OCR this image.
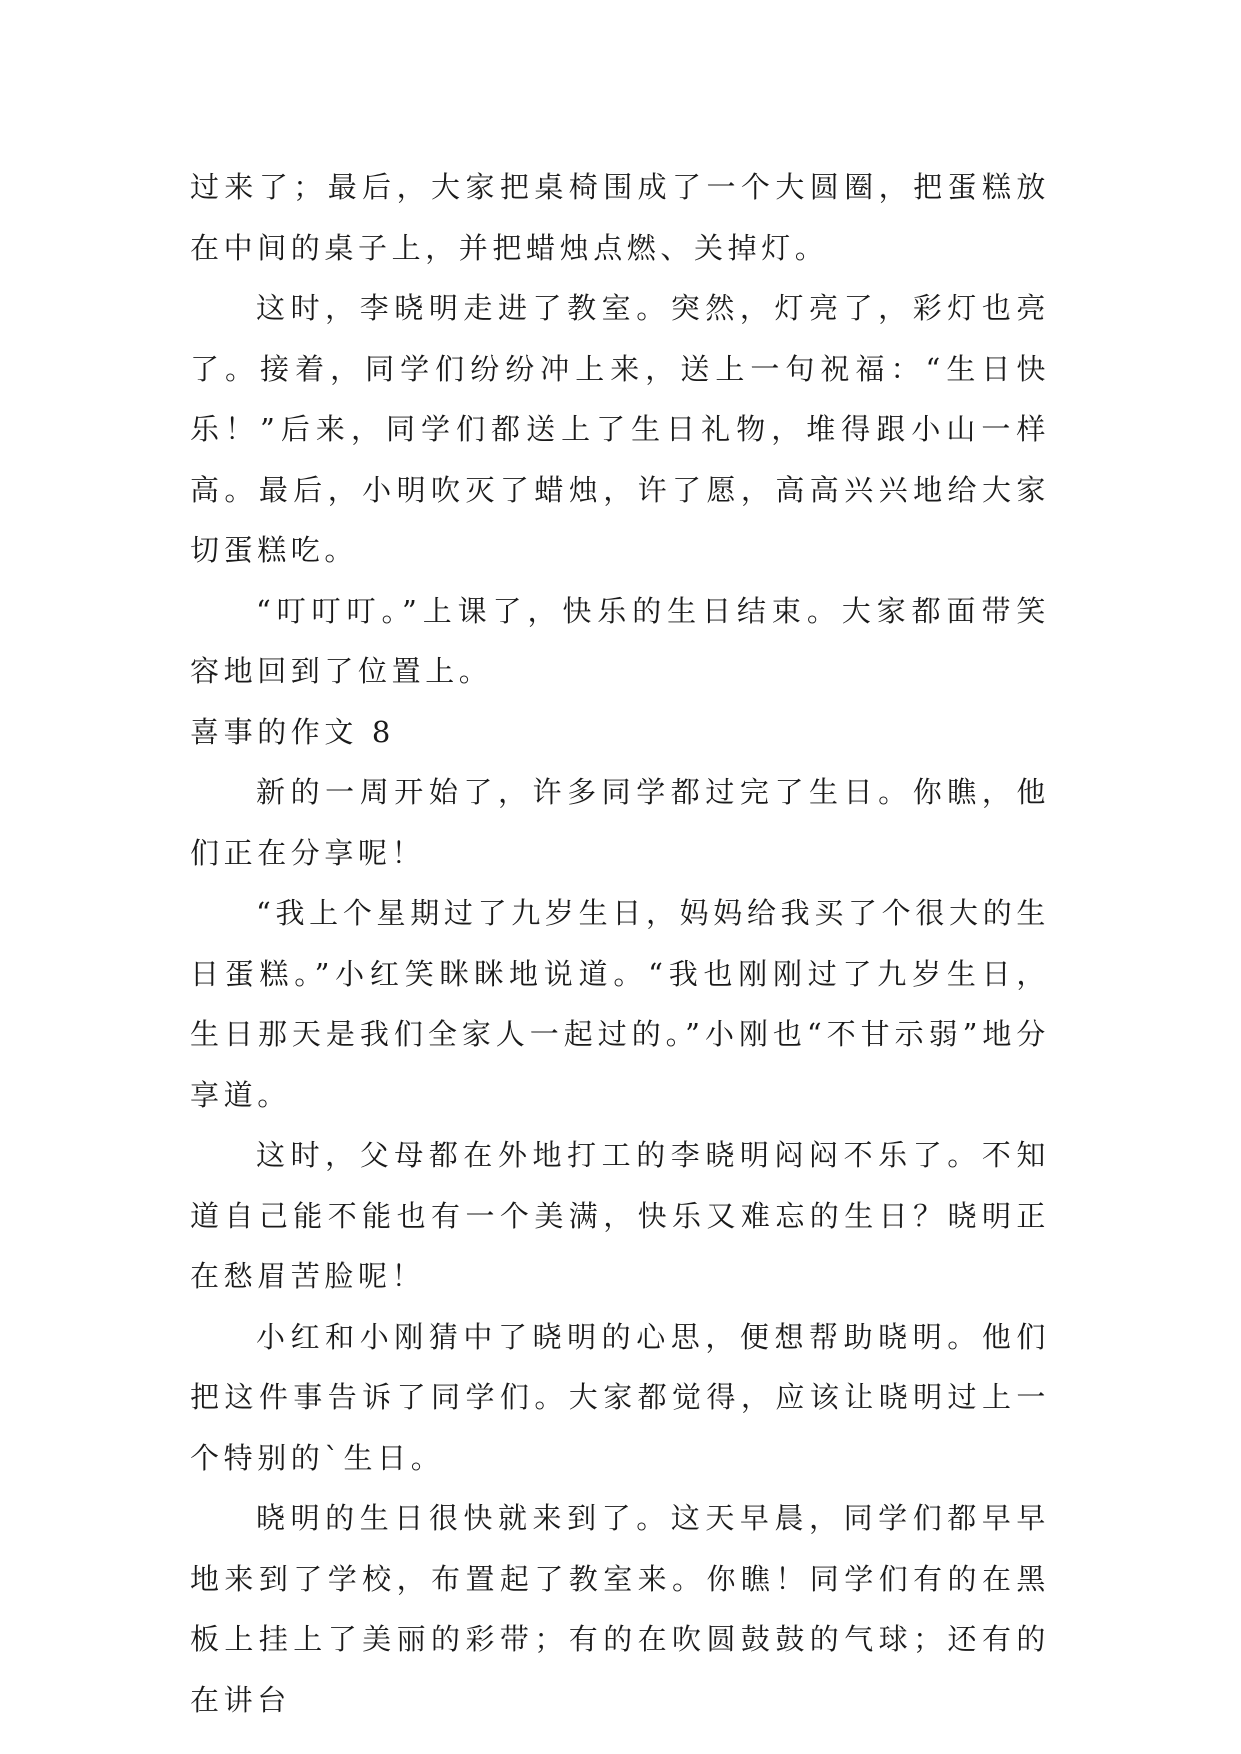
过来了；最后，大家把桌椅围成了一个大圆圈，把蛋糕放在中间的桌子上，并把蜡烛点燃、关掉灯。

这时，李晓明走进了教室。突然，灯亮了，彩灯也亮了。接着，同学们纷纷冲上来，送上一句祝福：“生日快乐！”后来，同学们都送上了生日礼物，堆得跟小山一样高。最后，小明吹灭了蜡烛，许了愿，高高兴兴地给大家切蛋糕吃。

“叮叮叮。”上课了，快乐的生日结束。大家都面带笑容地回到了位置上。

喜事的作文 8

新的一周开始了，许多同学都过完了生日。你瞧，他们正在分享呢！

“我上个星期过了九岁生日，妈妈给我买了个很大的生日蛋糕。”小红笑眯眯地说道。“我也刚刚过了九岁生日，生日那天是我们全家人一起过的。”小刚也“不甘示弱”地分享道。

这时，父母都在外地打工的李晓明闷闷不乐了。不知道自己能不能也有一个美满，快乐又难忘的生日？晓明正在愁眉苦脸呢！

小红和小刚猜中了晓明的心思，便想帮助晓明。他们把这件事告诉了同学们。大家都觉得，应该让晓明过上一个特别的`生日。

晓明的生日很快就来到了。这天早晨，同学们都早早地来到了学校，布置起了教室来。你瞧！同学们有的在黑板上挂上了美丽的彩带；有的在吹圆鼓鼓的气球；还有的在讲台
